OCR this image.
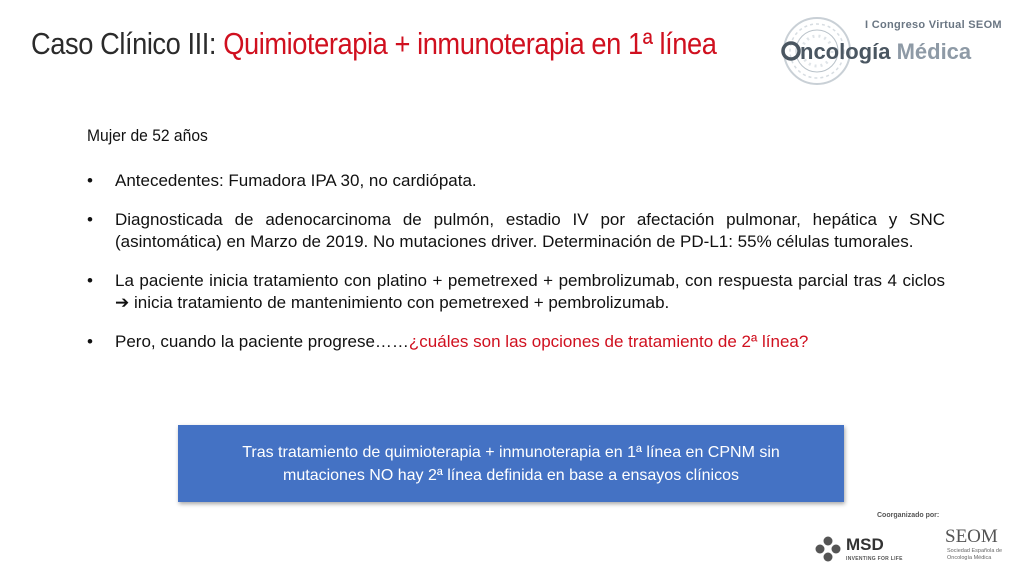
Caso Clínico III: Quimioterapia + inmunoterapia en 1ª línea
I Congreso Virtual SEOM
ncología Médica
Mujer de 52 años
• Antecedentes: Fumadora IPA 30, no cardiópata.
• Diagnosticada de adenocarcinoma de pulmón, estadio IV por afectación pulmonar, hepática y SNC (asintomática) en Marzo de 2019. No mutaciones driver. Determinación de PD-L1: 55% células tumorales.
• La paciente inicia tratamiento con platino + pemetrexed + pembrolizumab, con respuesta parcial tras 4 ciclos ➔ inicia tratamiento de mantenimiento con pemetrexed + pembrolizumab.
• Pero, cuando la paciente progrese……¿cuáles son las opciones de tratamiento de 2ª línea?
Tras tratamiento de quimioterapia + inmunoterapia en 1ª línea en CPNM sin mutaciones NO hay 2ª línea definida en base a ensayos clínicos
Coorganizado por:
MSD
INVENTING FOR LIFE
SEOM
Sociedad Española de Oncología Médica
